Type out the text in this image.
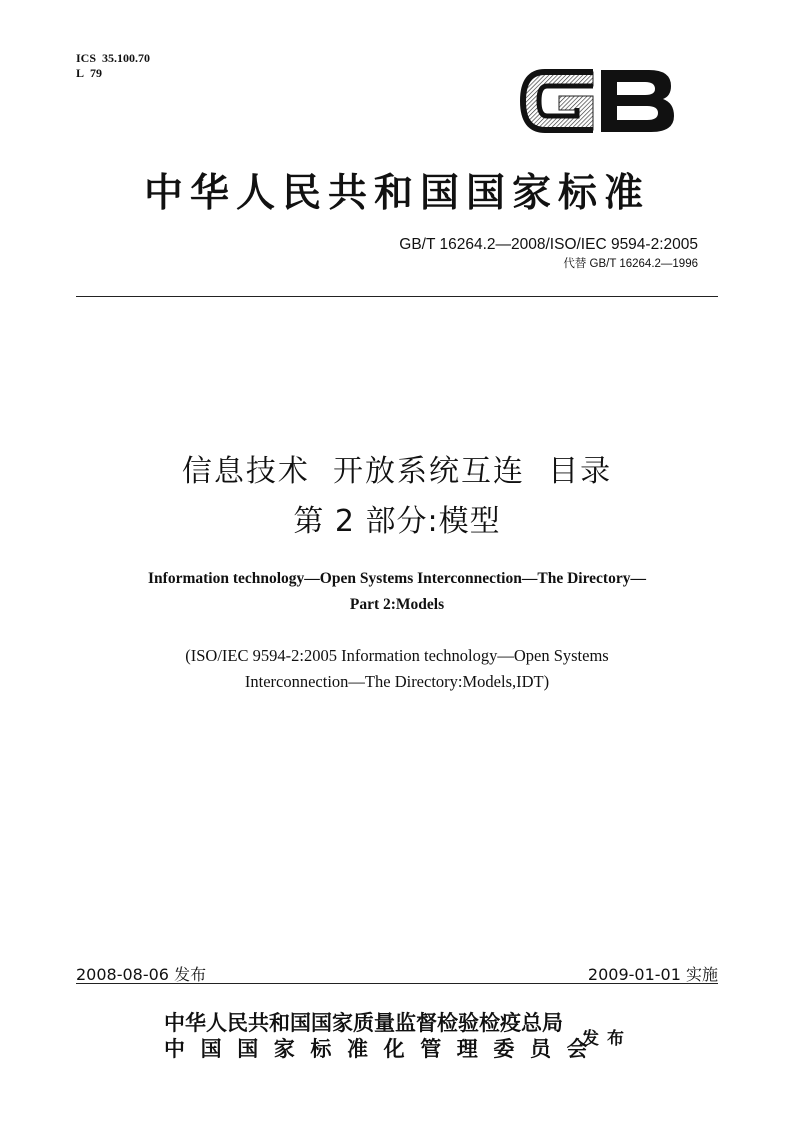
ICS 35.100.70
L 79
中华人民共和国国家标准
GB/T 16264.2—2008/ISO/IEC 9594-2:2005
代替 GB/T 16264.2—1996
信息技术  开放系统互连  目录
第 2 部分:模型
Information technology—Open Systems Interconnection—The Directory—
Part 2:Models
(ISO/IEC 9594-2:2005 Information technology—Open Systems
Interconnection—The Directory:Models,IDT)
2008-08-06 发布	2009-01-01 实施
中华人民共和国国家质量监督检验检疫总局
中国国家标准化管理委员会
发布
